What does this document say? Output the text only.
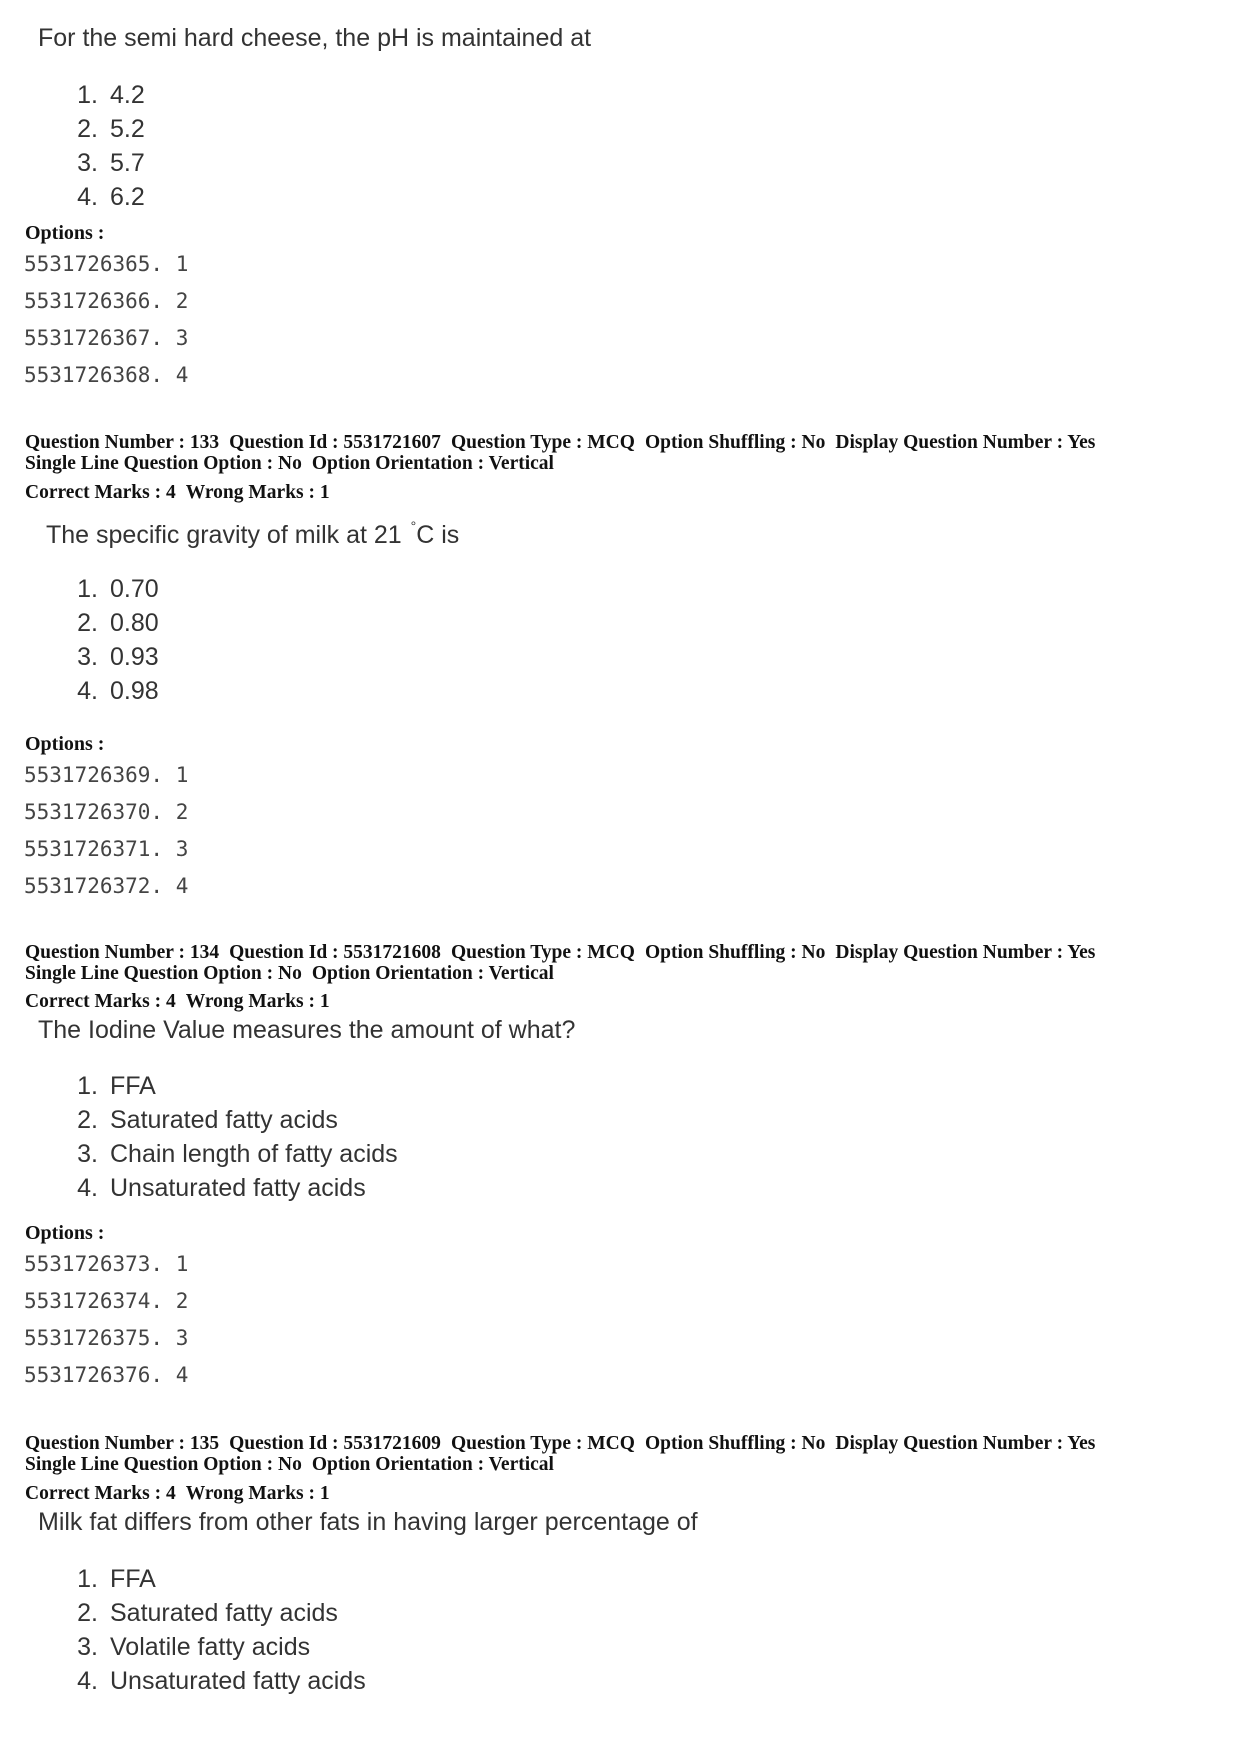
For the semi hard cheese, the pH is maintained at
1. 4.2
2. 5.2
3. 5.7
4. 6.2
Options :
5531726365. 1
5531726366. 2
5531726367. 3
5531726368. 4
Question Number : 133 Question Id : 5531721607 Question Type : MCQ Option Shuffling : No Display Question Number : Yes
Single Line Question Option : No Option Orientation : Vertical
Correct Marks : 4 Wrong Marks : 1
The specific gravity of milk at 21 °C is
1. 0.70
2. 0.80
3. 0.93
4. 0.98
Options :
5531726369. 1
5531726370. 2
5531726371. 3
5531726372. 4
Question Number : 134 Question Id : 5531721608 Question Type : MCQ Option Shuffling : No Display Question Number : Yes
Single Line Question Option : No Option Orientation : Vertical
Correct Marks : 4 Wrong Marks : 1
The Iodine Value measures the amount of what?
1. FFA
2. Saturated fatty acids
3. Chain length of fatty acids
4. Unsaturated fatty acids
Options :
5531726373. 1
5531726374. 2
5531726375. 3
5531726376. 4
Question Number : 135 Question Id : 5531721609 Question Type : MCQ Option Shuffling : No Display Question Number : Yes
Single Line Question Option : No Option Orientation : Vertical
Correct Marks : 4 Wrong Marks : 1
Milk fat differs from other fats in having larger percentage of
1. FFA
2. Saturated fatty acids
3. Volatile fatty acids
4. Unsaturated fatty acids
